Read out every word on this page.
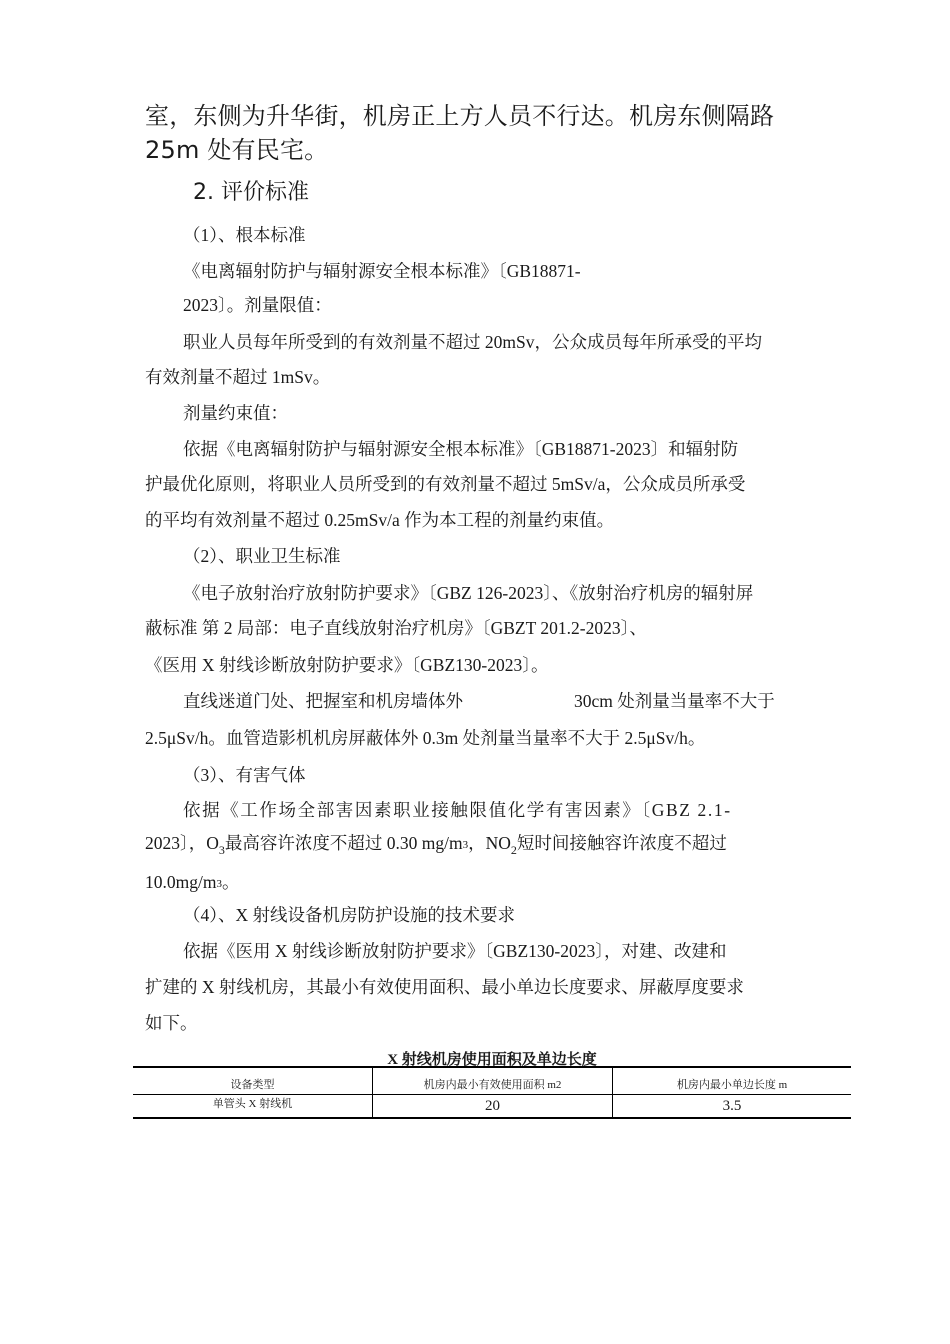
室，东侧为升华街，机房正上方人员不行达。机房东侧隔路
25m 处有民宅。
2. 评价标准
（1）、根本标准
《电离辐射防护与辐射源安全根本标准》〔GB18871-
2023〕。剂量限值：
职业人员每年所受到的有效剂量不超过 20mSv，公众成员每年所承受的平均
有效剂量不超过 1mSv。
剂量约束值：
依据《电离辐射防护与辐射源安全根本标准》〔GB18871-2023〕和辐射防
护最优化原则，将职业人员所受到的有效剂量不超过 5mSv/a，公众成员所承受
的平均有效剂量不超过 0.25mSv/a 作为本工程的剂量约束值。
（2）、职业卫生标准
《电子放射治疗放射防护要求》〔GBZ 126-2023〕、《放射治疗机房的辐射屏
蔽标准 第 2 局部：电子直线放射治疗机房》〔GBZT 201.2-2023〕、
《医用 X 射线诊断放射防护要求》〔GBZ130-2023〕。
直线迷道门处、把握室和机房墙体外	30cm 处剂量当量率不大于
2.5μSv/h。血管造影机机房屏蔽体外 0.3m 处剂量当量率不大于 2.5μSv/h。
（3）、有害气体
依据《工作场全部害因素职业接触限值化学有害因素》〔GBZ 2.1-
2023〕，$O_3$最高容许浓度不超过 0.30 mg/m3，$NO_2$短时间接触容许浓度不超过
10.0mg/m3。
（4）、X 射线设备机房防护设施的技术要求
依据《医用 X 射线诊断放射防护要求》〔GBZ130-2023〕，对建、改建和
扩建的 X 射线机房，其最小有效使用面积、最小单边长度要求、屏蔽厚度要求
如下。
X 射线机房使用面积及单边长度
设备类型	机房内最小有效使用面积 m2	机房内最小单边长度 m
单管头 X 射线机	20	3.5
